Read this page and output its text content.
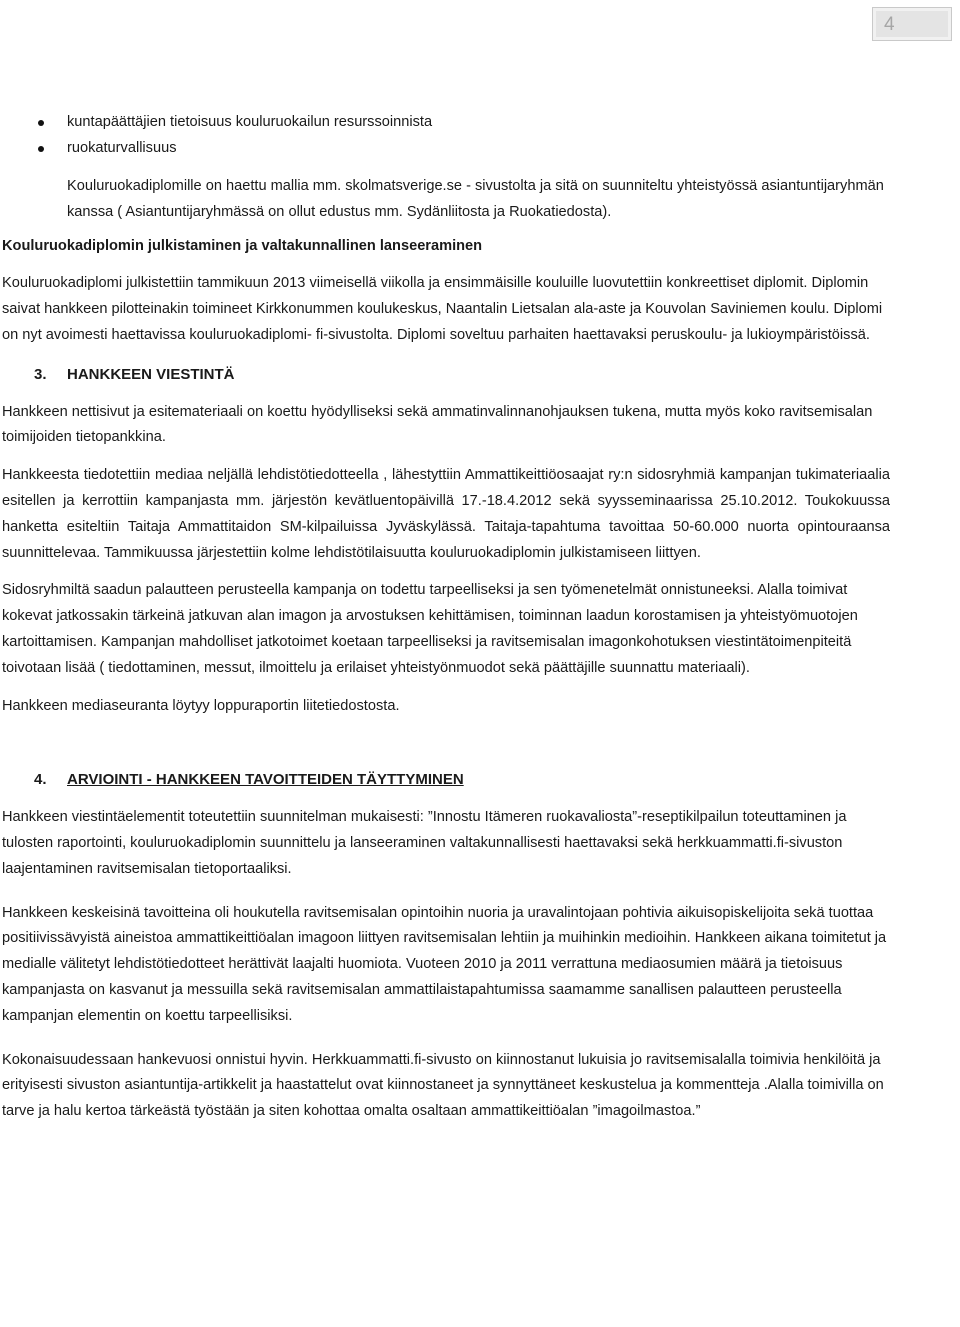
4
kuntapäättäjien tietoisuus kouluruokailun resurssoinnista
ruokaturvallisuus

Kouluruokadiplomille on haettu mallia mm. skolmatsverige.se - sivustolta ja sitä on suunniteltu yhteistyössä asiantuntijaryhmän kanssa ( Asiantuntijaryhmässä on ollut edustus mm. Sydänliitosta ja Ruokatiedosta).

Kouluruokadiplomin julkistaminen ja valtakunnallinen lanseeraminen

Kouluruokadiplomi julkistettiin tammikuun 2013 viimeisellä viikolla ja ensimmäisille kouluille luovutettiin konkreettiset diplomit. Diplomin saivat hankkeen pilotteinakin toimineet Kirkkonummen koulukeskus, Naantalin Lietsalan ala-aste ja Kouvolan Saviniemen koulu. Diplomi on nyt avoimesti haettavissa kouluruokadiplomi- fi-sivustolta. Diplomi soveltuu parhaiten haettavaksi peruskoulu- ja lukioympäristöissä.

3. HANKKEEN VIESTINTÄ

Hankkeen nettisivut ja esitemateriaali on koettu hyödylliseksi sekä ammatinvalinnanohjauksen tukena, mutta myös koko ravitsemisalan toimijoiden tietopankkina.

Hankkeesta tiedotettiin mediaa neljällä lehdistötiedotteella , lähestyttiin Ammattikeittiöosaajat ry:n sidosryhmiä kampanjan tukimateriaalia esitellen ja kerrottiin kampanjasta mm. järjestön kevätluentopäivillä 17.-18.4.2012 sekä syysseminaarissa 25.10.2012. Toukokuussa hanketta esiteltiin Taitaja Ammattitaidon SM-kilpailuissa Jyväskylässä. Taitaja-tapahtuma tavoittaa 50-60.000 nuorta opintouraansa suunnittelevaa. Tammikuussa järjestettiin kolme lehdistötilaisuutta kouluruokadiplomin julkistamiseen liittyen.

Sidosryhmiltä saadun palautteen perusteella kampanja on todettu tarpeelliseksi ja sen työmenetelmät onnistuneeksi. Alalla toimivat kokevat jatkossakin tärkeinä jatkuvan alan imagon ja arvostuksen kehittämisen, toiminnan laadun korostamisen ja yhteistyömuotojen kartoittamisen. Kampanjan mahdolliset jatkotoimet koetaan tarpeelliseksi ja ravitsemisalan imagonkohotuksen viestintätoimenpiteitä toivotaan lisää ( tiedottaminen, messut, ilmoittelu ja erilaiset yhteistyönmuodot sekä päättäjille suunnattu materiaali).

Hankkeen mediaseuranta löytyy loppuraportin liitetiedostosta.

4. ARVIOINTI - HANKKEEN TAVOITTEIDEN TÄYTTYMINEN

Hankkeen viestintäelementit toteutettiin suunnitelman mukaisesti: ”Innostu Itämeren ruokavaliosta”-reseptikilpailun toteuttaminen ja tulosten raportointi, kouluruokadiplomin suunnittelu ja lanseeraminen valtakunnallisesti haettavaksi sekä herkkuammatti.fi-sivuston laajentaminen ravitsemisalan tietoportaaliksi.

Hankkeen keskeisinä tavoitteina oli houkutella ravitsemisalan opintoihin nuoria ja uravalintojaan pohtivia aikuisopiskelijoita sekä tuottaa positiivissävyistä aineistoa ammattikeittiöalan imagoon liittyen ravitsemisalan lehtiin ja muihinkin medioihin. Hankkeen aikana toimitetut ja medialle välitetyt lehdistötiedotteet herättivät laajalti huomiota. Vuoteen 2010 ja 2011 verrattuna mediaosumien määrä ja tietoisuus kampanjasta on kasvanut ja messuilla sekä ravitsemisalan ammattilaistapahtumissa saamamme sanallisen palautteen perusteella kampanjan elementin on koettu tarpeellisiksi.

Kokonaisuudessaan hankevuosi onnistui hyvin. Herkkuammatti.fi-sivusto on kiinnostanut lukuisia jo ravitsemisalalla toimivia henkilöitä ja erityisesti sivuston asiantuntija-artikkelit ja haastattelut ovat kiinnostaneet ja synnyttäneet keskustelua ja kommentteja .Alalla toimivilla on tarve ja halu kertoa tärkeästä työstään ja siten kohottaa omalta osaltaan ammattikeittiöalan ”imagoilmastoa.”
